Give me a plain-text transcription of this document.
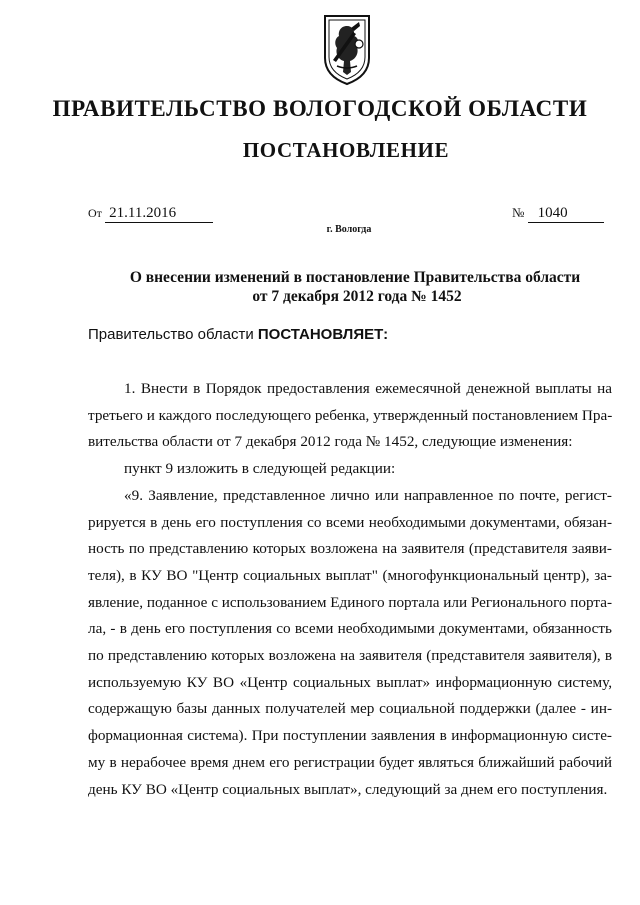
ПРАВИТЕЛЬСТВО ВОЛОГОДСКОЙ ОБЛАСТИ
ПОСТАНОВЛЕНИЕ
От 21.11.2016	№ 1040
г. Вологда
О внесении изменений в постановление Правительства области
от 7 декабря 2012 года № 1452
Правительство области ПОСТАНОВЛЯЕТ:
1. Внести в Порядок предоставления ежемесячной денежной выплаты на
третьего и каждого последующего ребенка, утвержденный постановлением Пра-
вительства области от 7 декабря 2012 года № 1452, следующие изменения:
пункт 9 изложить в следующей редакции:
«9. Заявление, представленное лично или направленное по почте, регист-
рируется в день его поступления со всеми необходимыми документами, обязан-
ность по представлению которых возложена на заявителя (представителя заяви-
теля), в КУ ВО "Центр социальных выплат" (многофункциональный центр), за-
явление, поданное с использованием Единого портала или Регионального порта-
ла, - в день его поступления со всеми необходимыми документами, обязанность
по представлению которых возложена на заявителя (представителя заявителя), в
используемую КУ ВО «Центр социальных выплат» информационную систему,
содержащую базы данных получателей мер социальной поддержки (далее - ин-
формационная система). При поступлении заявления в информационную систе-
му в нерабочее время днем его регистрации будет являться ближайший рабочий
день КУ ВО «Центр социальных выплат», следующий за днем его поступления.
